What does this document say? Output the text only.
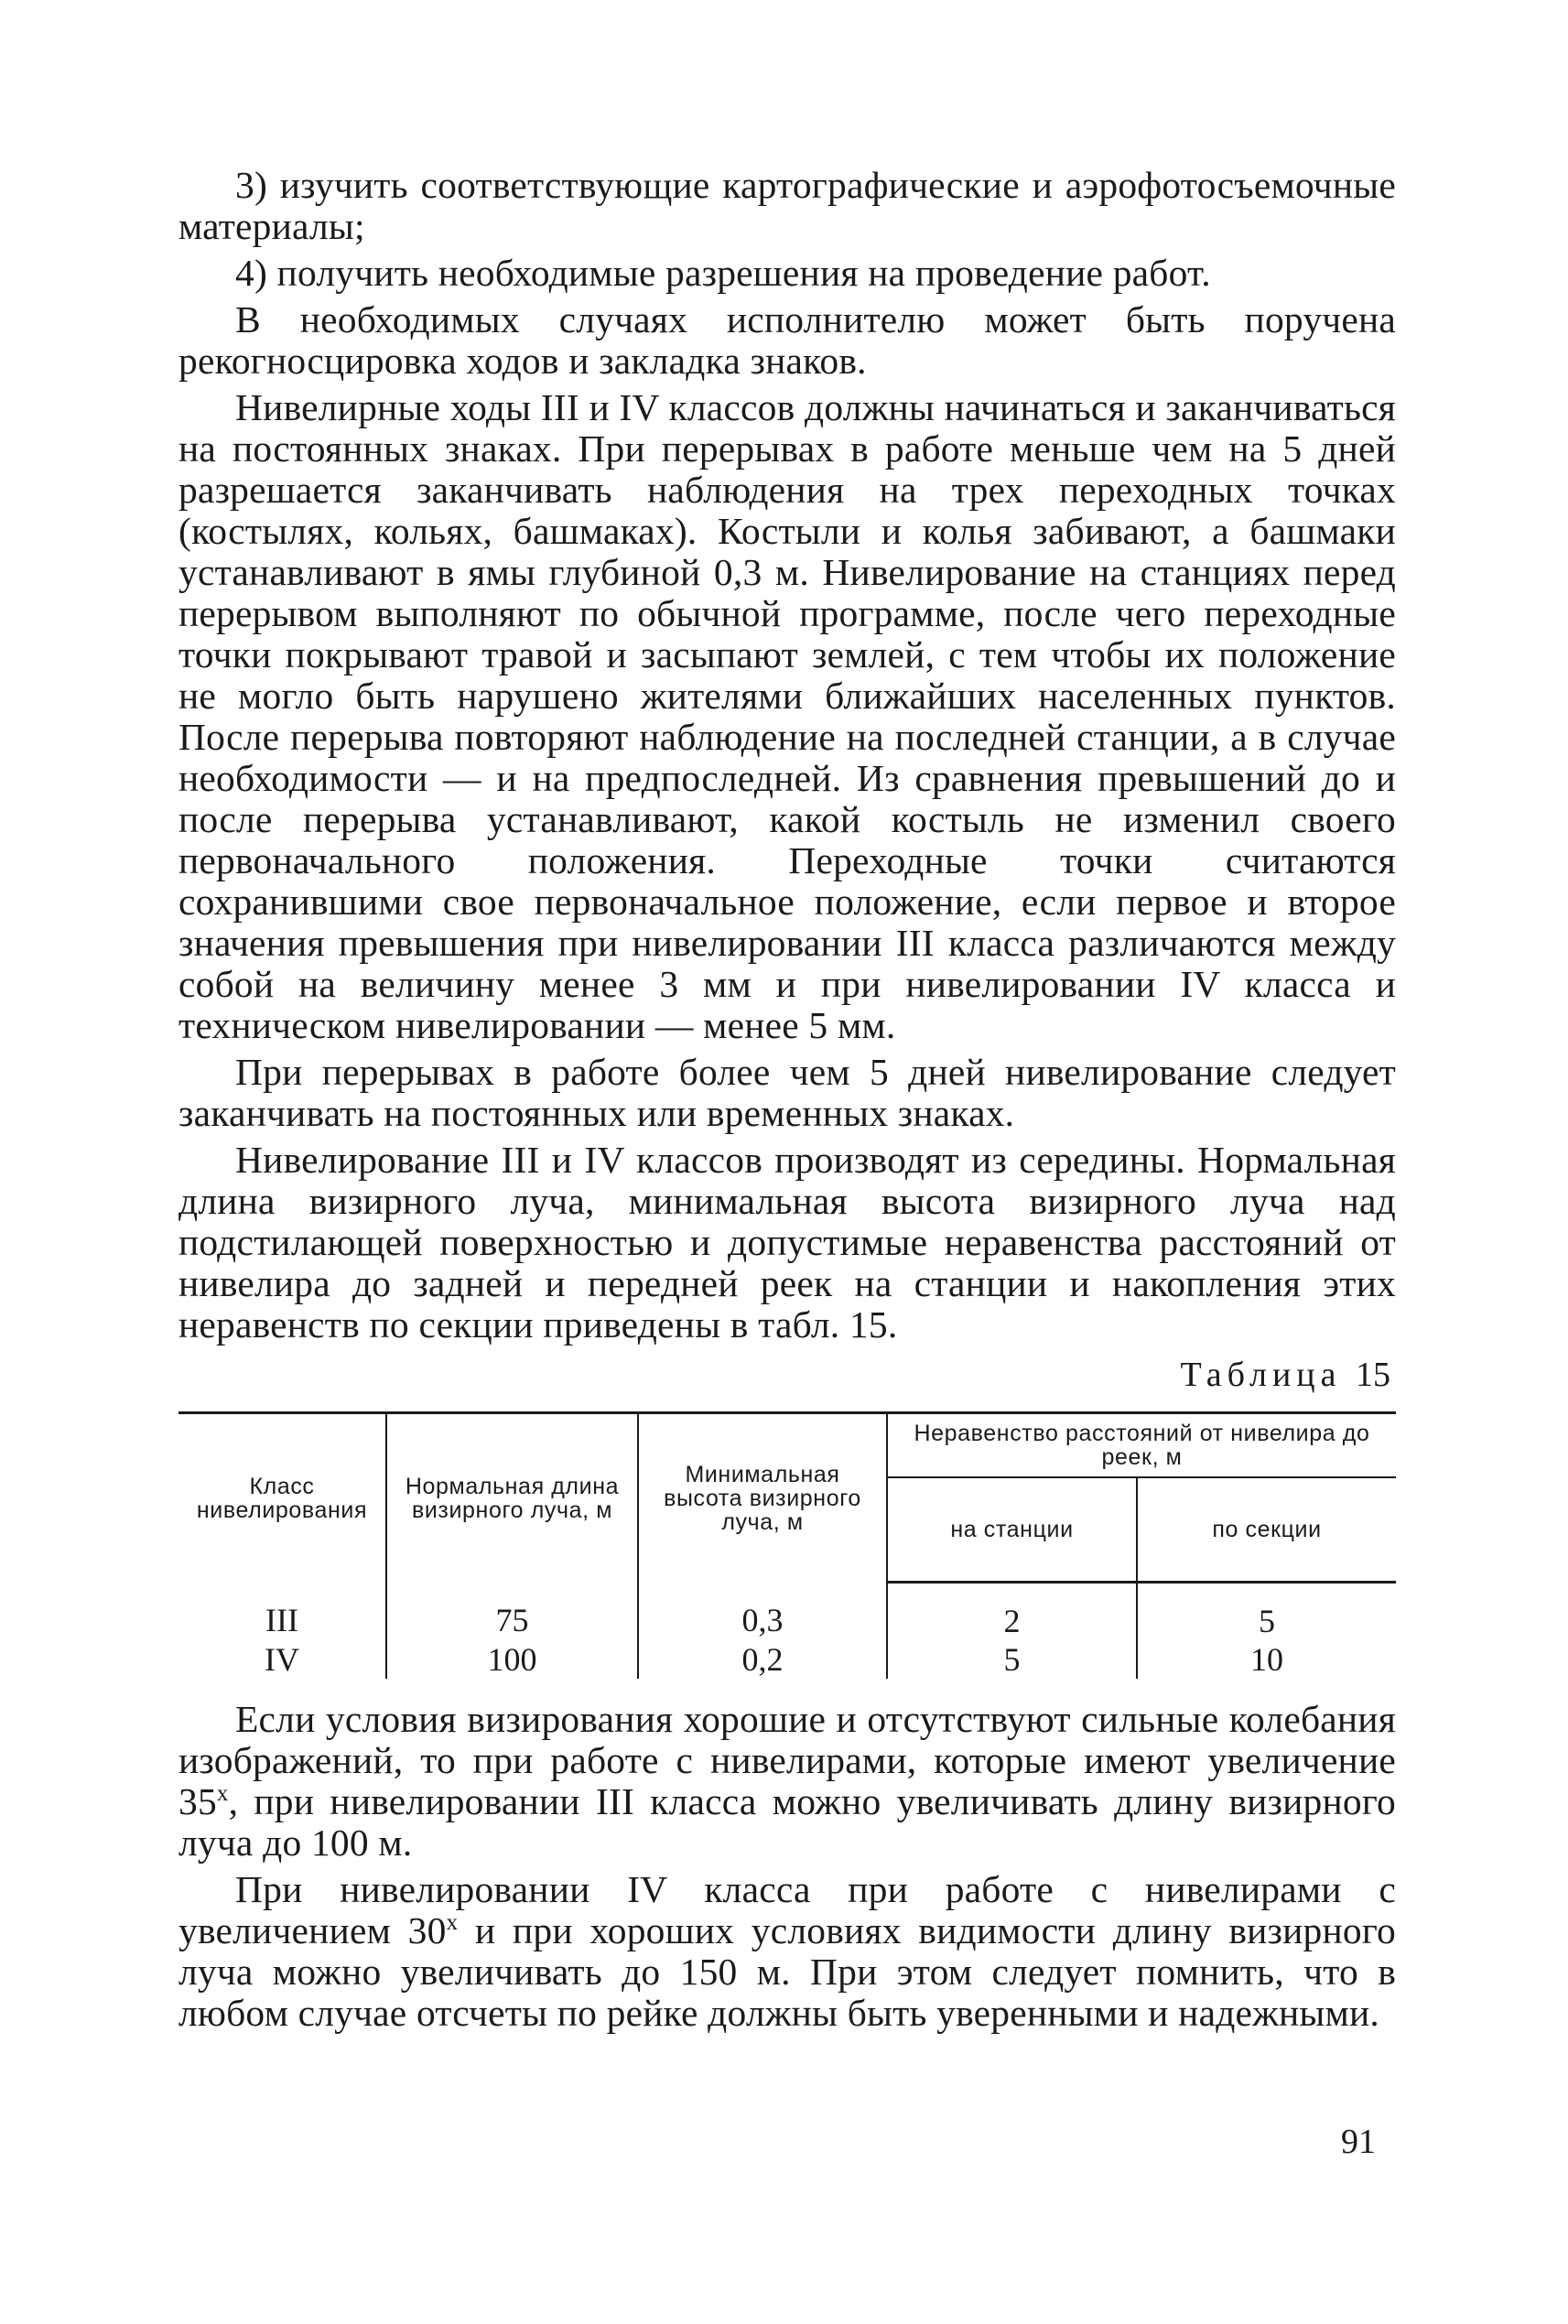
3) изучить соответствующие картографические и аэрофотосъемочные материалы;

4) получить необходимые разрешения на проведение работ.

В необходимых случаях исполнителю может быть поручена рекогносцировка ходов и закладка знаков.

Нивелирные ходы III и IV классов должны начинаться и заканчиваться на постоянных знаках. При перерывах в работе меньше чем на 5 дней разрешается заканчивать наблюдения на трех переходных точках (костылях, кольях, башмаках). Костыли и колья забивают, а башмаки устанавливают в ямы глубиной 0,3 м. Нивелирование на станциях перед перерывом выполняют по обычной программе, после чего переходные точки покрывают травой и засыпают землей, с тем чтобы их положение не могло быть нарушено жителями ближайших населенных пунктов. После перерыва повторяют наблюдение на последней станции, а в случае необходимости — и на предпоследней. Из сравнения превышений до и после перерыва устанавливают, какой костыль не изменил своего первоначального положения. Переходные точки считаются сохранившими свое первоначальное положение, если первое и второе значения превышения при нивелировании III класса различаются между собой на величину менее 3 мм и при нивелировании IV класса и техническом нивелировании — менее 5 мм.

При перерывах в работе более чем 5 дней нивелирование следует заканчивать на постоянных или временных знаках.

Нивелирование III и IV классов производят из середины. Нормальная длина визирного луча, минимальная высота визирного луча над подстилающей поверхностью и допустимые неравенства расстояний от нивелира до задней и передней реек на станции и накопления этих неравенств по секции приведены в табл. 15.

Таблица 15
Класс нивелирования	Нормальная длина визирного луча, м	Минимальная высота визирного луча, м	Неравенство расстояний от нивелира до реек, м	
			на станции	по секции
III	75	0,3	2	5
IV	100	0,2	5	10

Если условия визирования хорошие и отсутствуют сильные колебания изображений, то при работе с нивелирами, которые имеют увеличение 35$^x$, при нивелировании III класса можно увеличивать длину визирного луча до 100 м.

При нивелировании IV класса при работе с нивелирами с увеличением 30$^x$ и при хороших условиях видимости длину визирного луча можно увеличивать до 150 м. При этом следует помнить, что в любом случае отсчеты по рейке должны быть уверенными и надежными.

91
